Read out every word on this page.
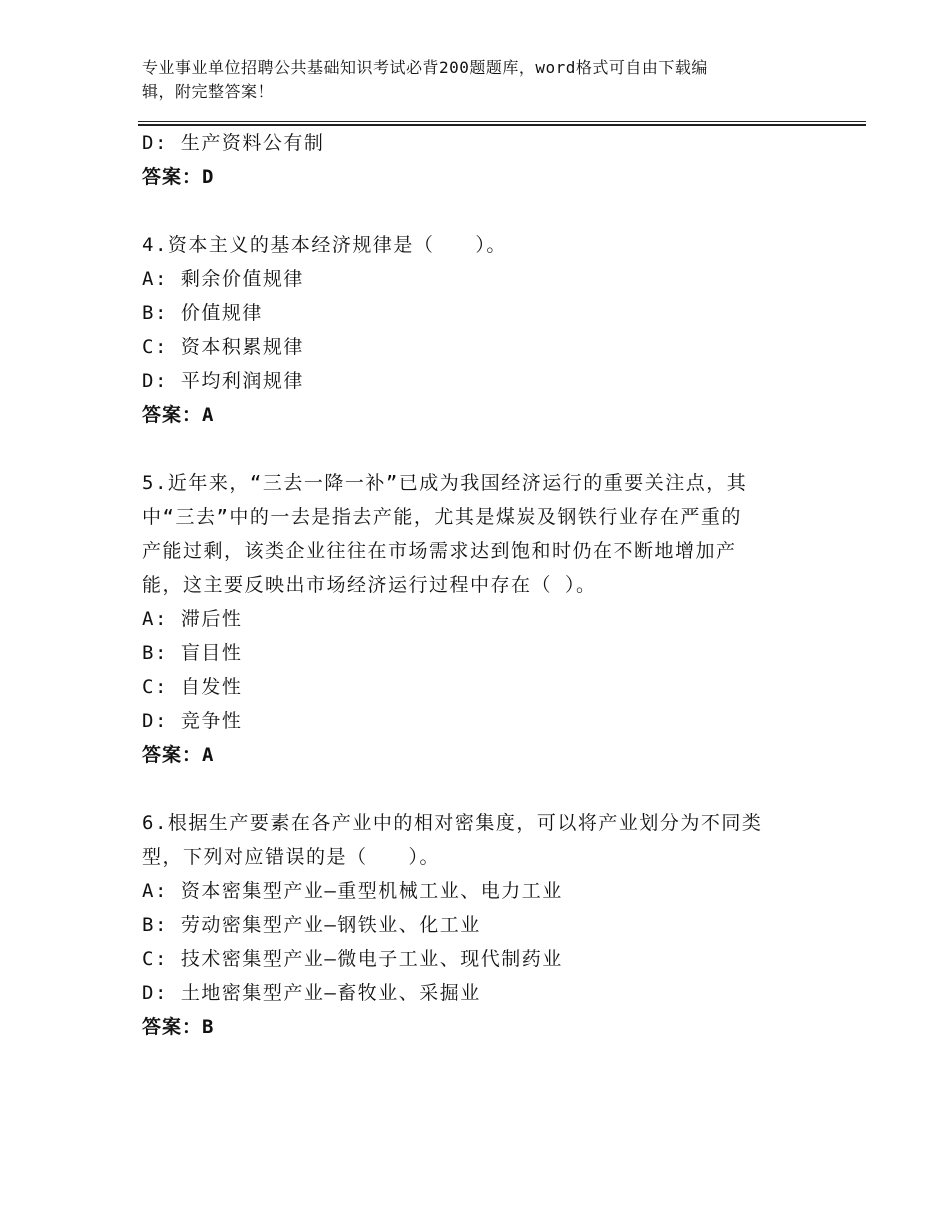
专业事业单位招聘公共基础知识考试必背200题题库，word格式可自由下载编
辑，附完整答案！
D: 生产资料公有制
答案：D
4.资本主义的基本经济规律是（　　）。
A: 剩余价值规律
B: 价值规律
C: 资本积累规律
D: 平均利润规律
答案：A
5.近年来，“三去一降一补”已成为我国经济运行的重要关注点，其
中“三去”中的一去是指去产能，尤其是煤炭及钢铁行业存在严重的
产能过剩，该类企业往往在市场需求达到饱和时仍在不断地增加产
能，这主要反映出市场经济运行过程中存在（ ）。
A: 滞后性
B: 盲目性
C: 自发性
D: 竞争性
答案：A
6.根据生产要素在各产业中的相对密集度，可以将产业划分为不同类
型，下列对应错误的是（　　）。
A: 资本密集型产业—重型机械工业、电力工业
B: 劳动密集型产业—钢铁业、化工业
C: 技术密集型产业—微电子工业、现代制药业
D: 土地密集型产业—畜牧业、采掘业
答案：B
